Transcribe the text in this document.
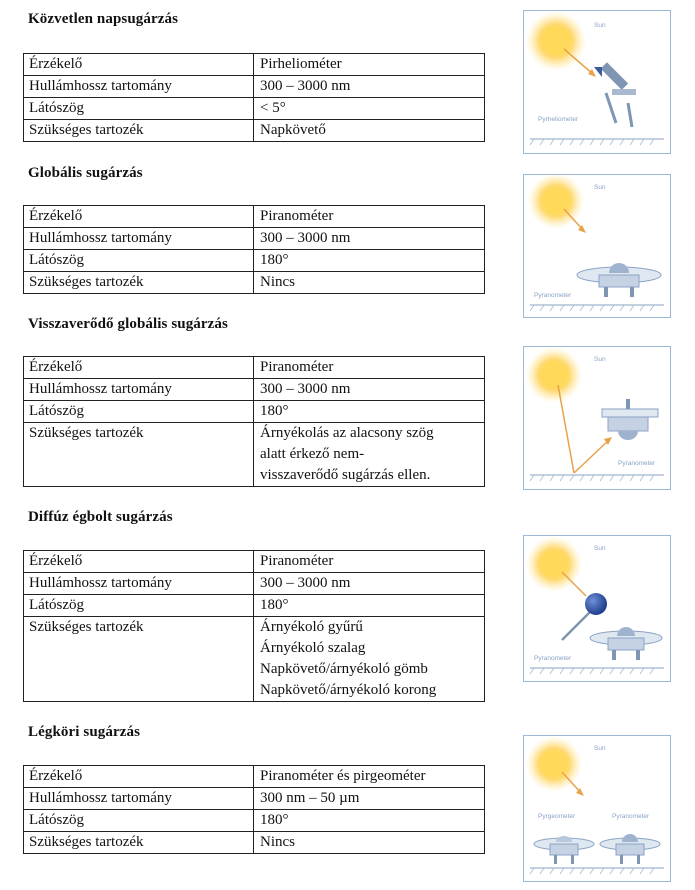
Közvetlen napsugárzás
Érzékelő	Pirheliométer
Hullámhossz tartomány	300 – 3000 nm
Látószög	< 5°
Szükséges tartozék	Napkövető
Sun
Pyrheliometer
Globális sugárzás
Érzékelő	Piranométer
Hullámhossz tartomány	300 – 3000 nm
Látószög	180°
Szükséges tartozék	Nincs
Sun
Pyranometer
Visszaverődő globális sugárzás
Érzékelő	Piranométer
Hullámhossz tartomány	300 – 3000 nm
Látószög	180°
Szükséges tartozék	Árnyékolás az alacsony szög
alatt érkező nem-
visszaverődő sugárzás ellen.
Sun
Pyranometer
Diffúz égbolt sugárzás
Érzékelő	Piranométer
Hullámhossz tartomány	300 – 3000 nm
Látószög	180°
Szükséges tartozék	Árnyékoló gyűrű
Árnyékoló szalag
Napkövető/árnyékoló gömb
Napkövető/árnyékoló korong
Sun
Pyranometer
Légköri sugárzás
Érzékelő	Piranométer és pirgeométer
Hullámhossz tartomány	300 nm – 50 µm
Látószög	180°
Szükséges tartozék	Nincs
Sun
Pyrgeometer	Pyranometer
